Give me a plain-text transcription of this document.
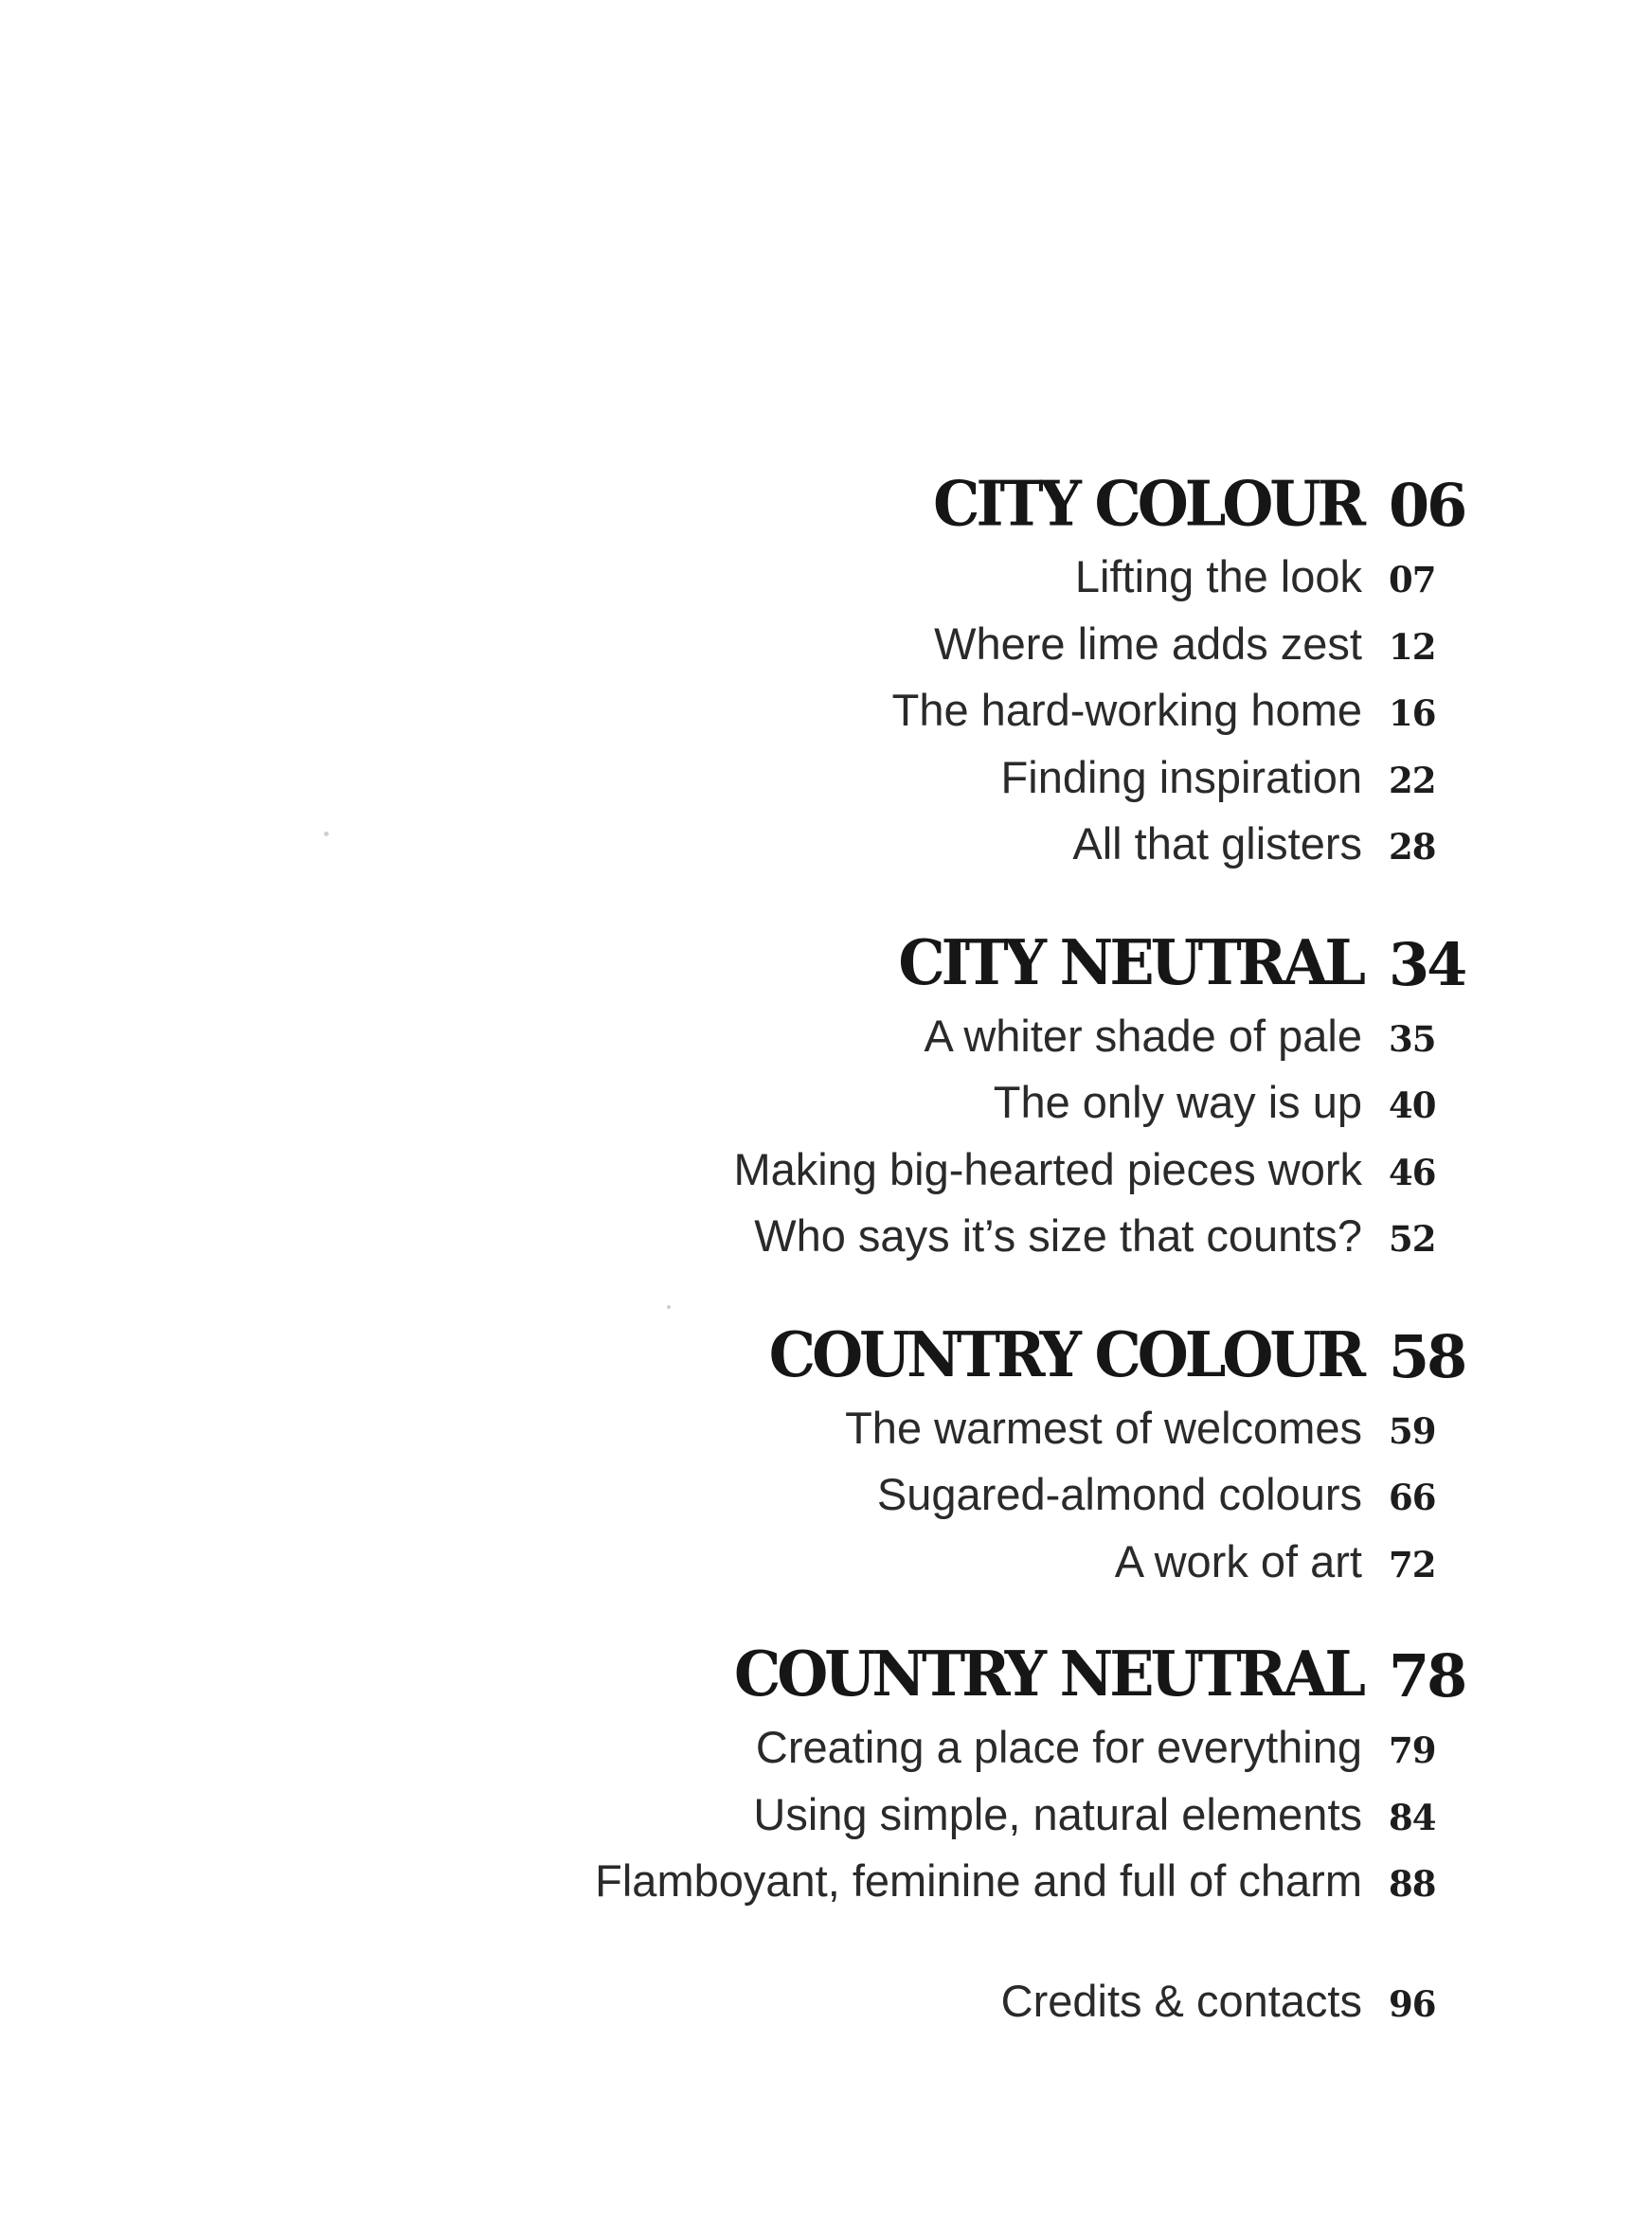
CITY COLOUR 06
Lifting the look 07
Where lime adds zest 12
The hard-working home 16
Finding inspiration 22
All that glisters 28
CITY NEUTRAL 34
A whiter shade of pale 35
The only way is up 40
Making big-hearted pieces work 46
Who says it’s size that counts? 52
COUNTRY COLOUR 58
The warmest of welcomes 59
Sugared-almond colours 66
A work of art 72
COUNTRY NEUTRAL 78
Creating a place for everything 79
Using simple, natural elements 84
Flamboyant, feminine and full of charm 88
Credits & contacts 96
